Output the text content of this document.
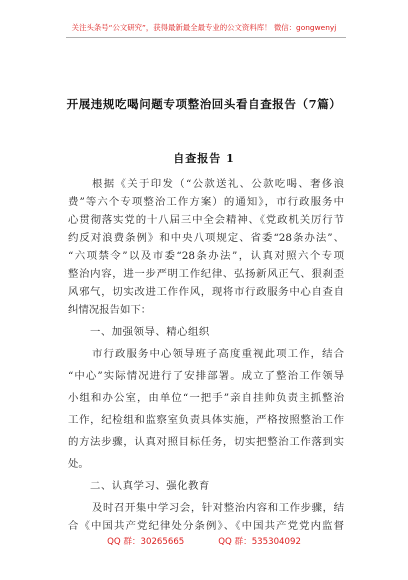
关注头条号“公文研究”，获得最新最全最专业的公文资料库！ 微信：gongwenyj
开展违规吃喝问题专项整治回头看自查报告（7篇）
自查报告 1
根据《关于印发（“公款送礼、公款吃喝、奢侈浪
费”等六个专项整治工作方案）的通知》，市行政服务中
心贯彻落实党的十八届三中全会精神、《党政机关厉行节
约反对浪费条例》和中央八项规定、省委“28条办法”、
“六项禁令”以及市委“28条办法”，认真对照六个专项
整治内容，进一步严明工作纪律、弘扬新风正气、狠刹歪
风邪气，切实改进工作作风，现将市行政服务中心自查自
纠情况报告如下：
一、加强领导、精心组织
市行政服务中心领导班子高度重视此项工作，结合
“中心”实际情况进行了安排部署。成立了整治工作领导
小组和办公室，由单位“一把手”亲自挂帅负责主抓整治
工作，纪检组和监察室负责具体实施，严格按照整治工作
的方法步骤，认真对照目标任务，切实把整治工作落到实
处。
二、认真学习、强化教育
及时召开集中学习会，针对整治内容和工作步骤，结
合《中国共产党纪律处分条例》、《中国共产党党内监督
QQ 群：30265665	QQ 群：535304092
